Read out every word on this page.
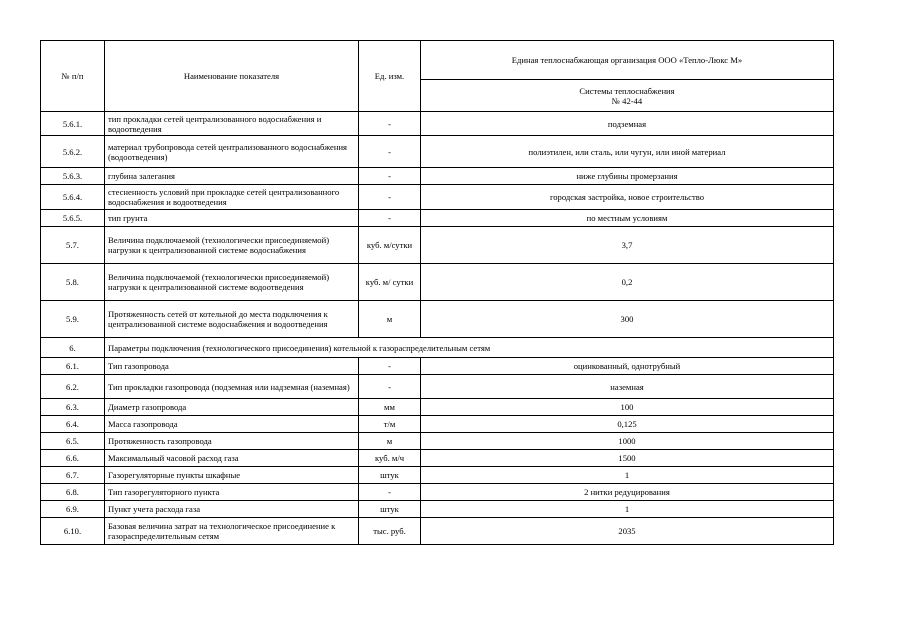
№ п/п	Наименование показателя	Ед. изм.	Единая теплоснабжающая организация ООО «Тепло-Люкс М»

			Системы теплоснабжения
№ 42-44

5.6.1.	тип прокладки сетей централизованного водоснабжения и водоотведения	-	подземная
5.6.2.	материал трубопровода сетей централизованного водоснабжения (водоотведения)	-	полиэтилен, или сталь, или чугун, или иной материал
5.6.3.	глубина залегания	-	ниже глубины промерзания
5.6.4.	стесненность условий при прокладке сетей централизованного водоснабжения и водоотведения	-	городская застройка, новое строительство
5.6.5.	тип грунта	-	по местным условиям
5.7.	Величина подключаемой (технологически присоединяемой) нагрузки к централизованной системе водоснабжения	куб. м/сутки	3,7
5.8.	Величина подключаемой (технологически присоединяемой) нагрузки к централизованной системе водоотведения	куб. м/ сутки	0,2
5.9.	Протяженность сетей от котельной до места подключения к централизованной системе водоснабжения и водоотведения	м	300
6.	Параметры подключения (технологического присоединения) котельной к газораспределительным сетям		
6.1.	Тип газопровода	-	оцинкованный, однотрубный
6.2.	Тип прокладки газопровода (подземная или надземная (наземная)	-	наземная
6.3.	Диаметр газопровода	мм	100
6.4.	Масса газопровода	т/м	0,125
6.5.	Протяженность газопровода	м	1000
6.6.	Максимальный часовой расход газа	куб. м/ч	1500
6.7.	Газорегуляторные пункты шкафные	штук	1
6.8.	Тип газорегуляторного пункта	-	2 нитки редуцирования
6.9.	Пункт учета расхода газа	штук	1
6.10.	Базовая величина затрат на технологическое присоединение к газораспределительным сетям	тыс. руб.	2035
